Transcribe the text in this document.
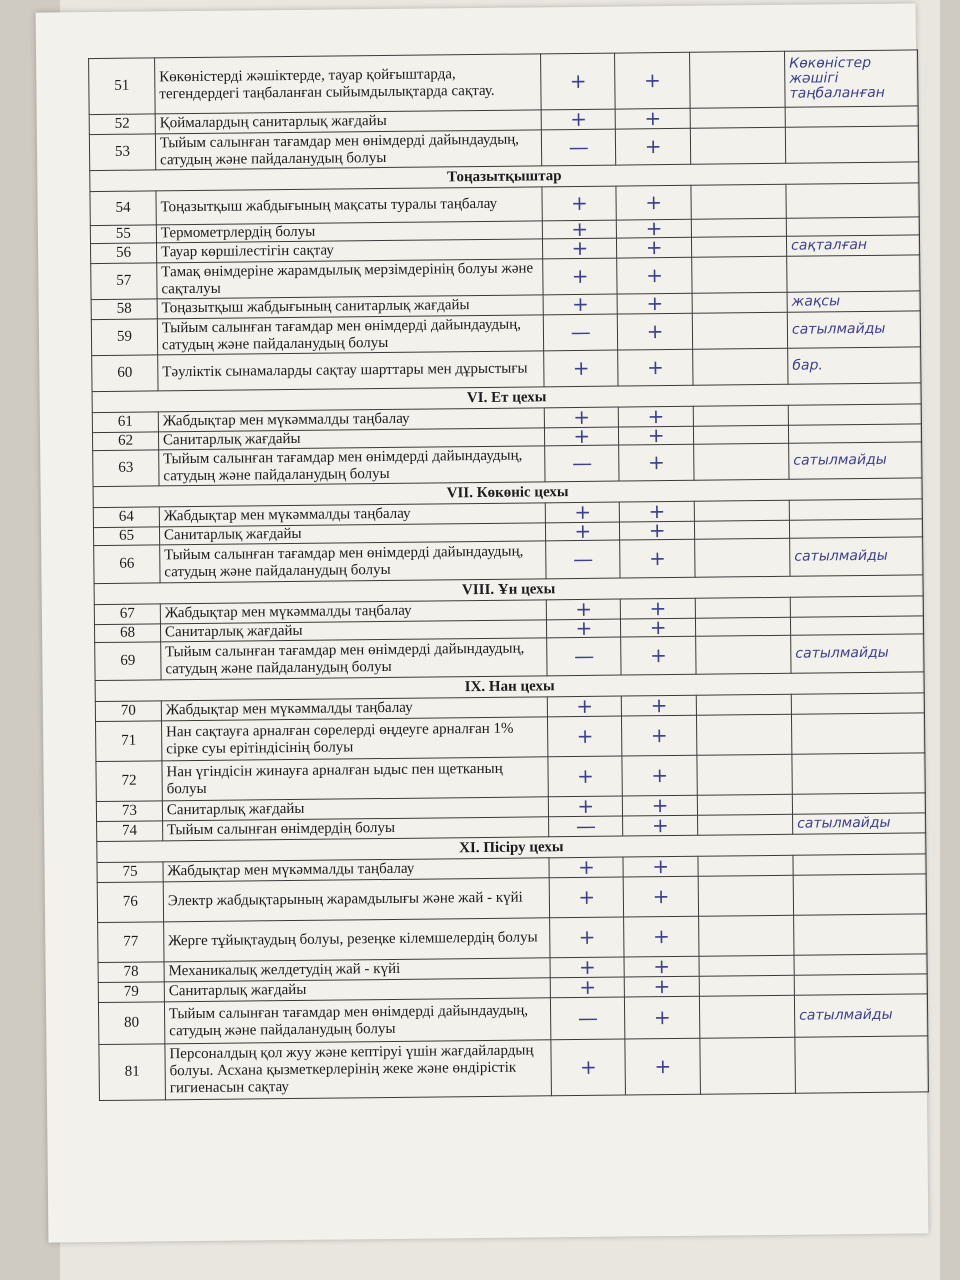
51	Көкөністерді жәшіктерде, тауар қойғыштарда, тегендердегі таңбаланған сыйымдылықтарда сақтау.	+	+		Көкөністер жәшігі таңбаланған
52	Қоймалардың санитарлық жағдайы	+	+		
53	Тыйым салынған тағамдар мен өнімдерді дайындаудың, сатудың және пайдаланудың болуы	—	+		
Тоңазытқыштар					
54	Тоңазытқыш жабдығының мақсаты туралы таңбалау	+	+		
55	Термометрлердің болуы	+	+		
56	Тауар көршілестігін сақтау	+	+		сақталған
57	Тамақ өнімдеріне жарамдылық мерзімдерінің болуы және сақталуы	+	+		
58	Тоңазытқыш жабдығының санитарлық жағдайы	+	+		жақсы
59	Тыйым салынған тағамдар мен өнімдерді дайындаудың, сатудың және пайдаланудың болуы	—	+		сатылмайды
60	Тәуліктік сынамаларды сақтау шарттары мен дұрыстығы	+	+		бар.
VI. Ет цехы					
61	Жабдықтар мен мүкәммалды таңбалау	+	+		
62	Санитарлық жағдайы	+	+		
63	Тыйым салынған тағамдар мен өнімдерді дайындаудың, сатудың және пайдаланудың болуы	—	+		сатылмайды
VII. Көкөніс цехы					
64	Жабдықтар мен мүкәммалды таңбалау	+	+		
65	Санитарлық жағдайы	+	+		
66	Тыйым салынған тағамдар мен өнімдерді дайындаудың, сатудың және пайдаланудың болуы	—	+		сатылмайды
VIII. Ұн цехы					
67	Жабдықтар мен мүкәммалды таңбалау	+	+		
68	Санитарлық жағдайы	+	+		
69	Тыйым салынған тағамдар мен өнімдерді дайындаудың, сатудың және пайдаланудың болуы	—	+		сатылмайды
IX. Нан цехы					
70	Жабдықтар мен мүкәммалды таңбалау	+	+		
71	Нан сақтауға арналған сөрелерді өңдеуге арналған 1% сірке суы ерітіндісінің болуы	+	+		
72	Нан үгіндісін жинауға арналған ыдыс пен щетканың болуы	+	+		
73	Санитарлық жағдайы	+	+		
74	Тыйым салынған өнімдердің болуы	—	+		сатылмайды
XI. Пісіру цехы					
75	Жабдықтар мен мүкәммалды таңбалау	+	+		
76	Электр жабдықтарының жарамдылығы және жай - күйі	+	+		
77	Жерге тұйықтаудың болуы, резеңке кілемшелердің болуы	+	+		
78	Механикалық желдетудің жай - күйі	+	+		
79	Санитарлық жағдайы	+	+		
80	Тыйым салынған тағамдар мен өнімдерді дайындаудың, сатудың және пайдаланудың болуы	—	+		сатылмайды
81	Персоналдың қол жуу және кептіруі үшін жағдайлардың болуы. Асхана қызметкерлерінің жеке және өндірістік гигиенасын сақтау	+	+		
